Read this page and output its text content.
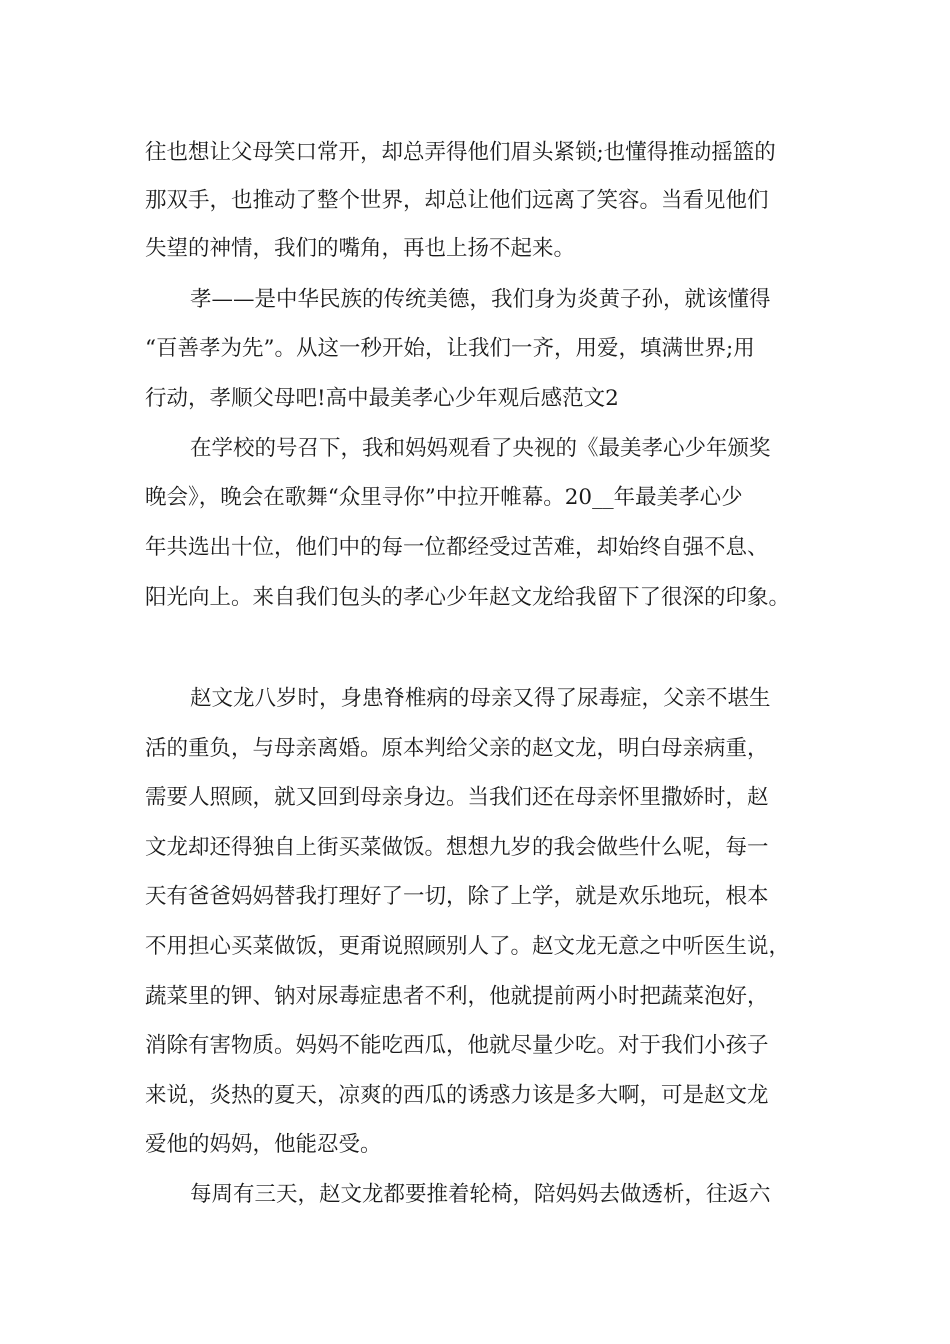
往也想让父母笑口常开，却总弄得他们眉头紧锁;也懂得推动摇篮的
那双手，也推动了整个世界，却总让他们远离了笑容。当看见他们
失望的神情，我们的嘴角，再也上扬不起来。
孝——是中华民族的传统美德，我们身为炎黄子孙，就该懂得
“百善孝为先”。从这一秒开始，让我们一齐，用爱，填满世界;用
行动，孝顺父母吧!高中最美孝心少年观后感范文2
在学校的号召下，我和妈妈观看了央视的《最美孝心少年颁奖
晚会》，晚会在歌舞“众里寻你”中拉开帷幕。20__年最美孝心少
年共选出十位，他们中的每一位都经受过苦难，却始终自强不息、
阳光向上。来自我们包头的孝心少年赵文龙给我留下了很深的印象。
赵文龙八岁时，身患脊椎病的母亲又得了尿毒症，父亲不堪生
活的重负，与母亲离婚。原本判给父亲的赵文龙，明白母亲病重，
需要人照顾，就又回到母亲身边。当我们还在母亲怀里撒娇时，赵
文龙却还得独自上街买菜做饭。想想九岁的我会做些什么呢，每一
天有爸爸妈妈替我打理好了一切，除了上学，就是欢乐地玩，根本
不用担心买菜做饭，更甭说照顾别人了。赵文龙无意之中听医生说，
蔬菜里的钾、钠对尿毒症患者不利，他就提前两小时把蔬菜泡好，
消除有害物质。妈妈不能吃西瓜，他就尽量少吃。对于我们小孩子
来说，炎热的夏天，凉爽的西瓜的诱惑力该是多大啊，可是赵文龙
爱他的妈妈，他能忍受。
每周有三天，赵文龙都要推着轮椅，陪妈妈去做透析，往返六
